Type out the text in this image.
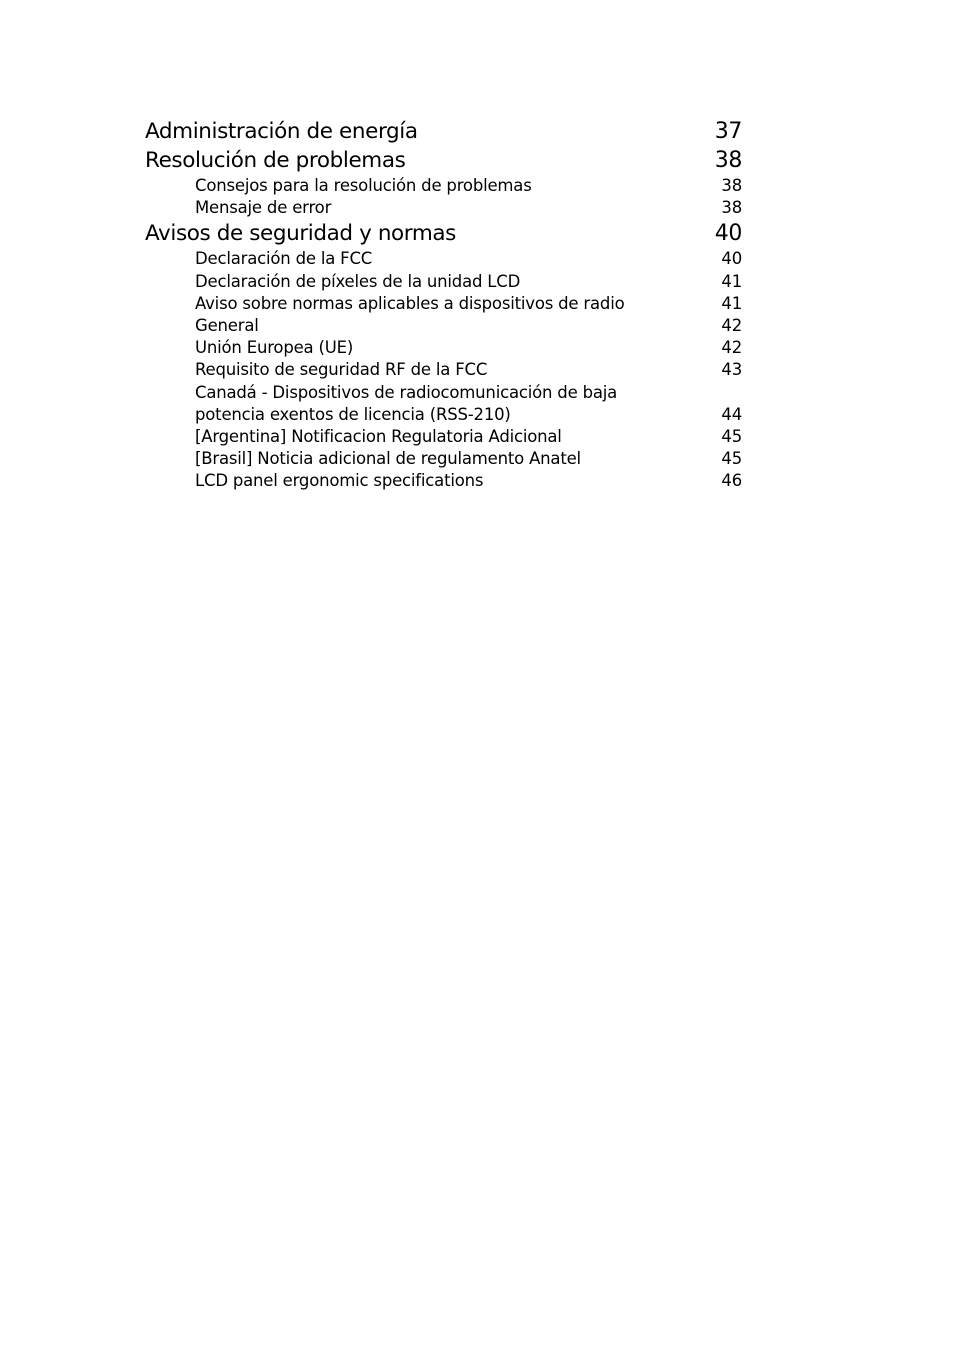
Administración de energía	37
Resolución de problemas	38
Consejos para la resolución de problemas	38
Mensaje de error	38
Avisos de seguridad y normas	40
Declaración de la FCC	40
Declaración de píxeles de la unidad LCD	41
Aviso sobre normas aplicables a dispositivos de radio	41
General	42
Unión Europea (UE)	42
Requisito de seguridad RF de la FCC	43
Canadá - Dispositivos de radiocomunicación de baja
potencia exentos de licencia (RSS-210)	44
[Argentina] Notificacion Regulatoria Adicional	45
[Brasil] Noticia adicional de regulamento Anatel	45
LCD panel ergonomic specifications	46
